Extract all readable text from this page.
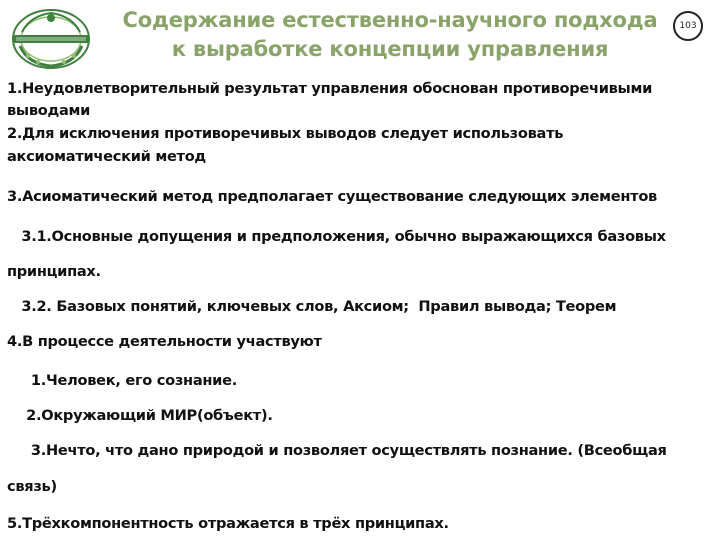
Содержание естественно-научного подхода
к выработке концепции управления
103
1.Неудовлетворительный результат управления обоснован противоречивыми
выводами
2.Для исключения противоречивых выводов следует использовать
аксиоматический метод
3.Асиоматический метод предполагает существование следующих элементов
3.1.Основные допущения и предположения, обычно выражающихся базовых
принципах.
3.2. Базовых понятий, ключевых слов, Аксиом;  Правил вывода; Теорем
4.В процессе деятельности участвуют
1.Человек, его сознание.
2.Окружающий МИР(объект).
3.Нечто, что дано природой и позволяет осуществлять познание. (Всеобщая
связь)
5.Трёхкомпонентность отражается в трёх принципах.
